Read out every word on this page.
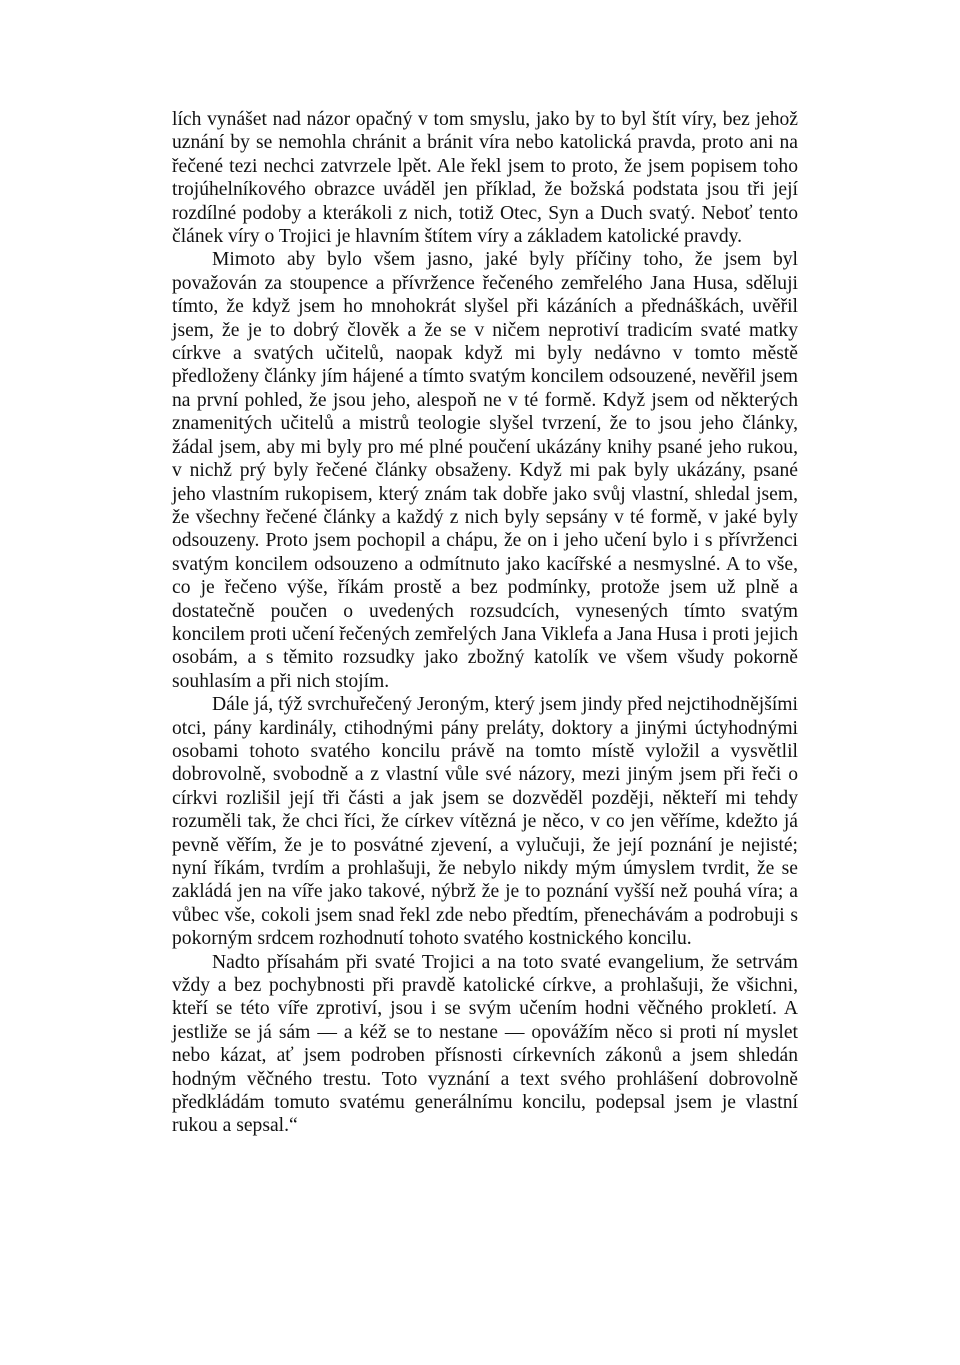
lích vynášet nad názor opačný v tom smyslu, jako by to byl štít víry, bez jehož uznání by se nemohla chránit a bránit víra nebo katolická pravda, proto ani na řečené tezi nechci zatvrzele lpět. Ale řekl jsem to proto, že jsem popisem toho trojúhelníkového obrazce uváděl jen příklad, že božská podstata jsou tři její rozdílné podoby a kterákoli z nich, totiž Otec, Syn a Duch svatý. Neboť tento článek víry o Trojici je hlavním štítem víry a základem katolické pravdy.

Mimoto aby bylo všem jasno, jaké byly příčiny toho, že jsem byl považován za stoupence a přívržence řečeného zemřelého Jana Husa, sděluji tímto, že když jsem ho mnohokrát slyšel při kázáních a přednáškách, uvěřil jsem, že je to dobrý člověk a že se v ničem neprotiví tradicím svaté matky církve a svatých učitelů, naopak když mi byly nedávno v tomto městě předloženy články jím hájené a tímto svatým koncilem odsouzené, nevěřil jsem na první pohled, že jsou jeho, alespoň ne v té formě. Když jsem od některých znamenitých učitelů a mistrů teologie slyšel tvrzení, že to jsou jeho články, žádal jsem, aby mi byly pro mé plné poučení ukázány knihy psané jeho rukou, v nichž prý byly řečené články obsaženy. Když mi pak byly ukázány, psané jeho vlastním rukopisem, který znám tak dobře jako svůj vlastní, shledal jsem, že všechny řečené články a každý z nich byly sepsány v té formě, v jaké byly odsouzeny. Proto jsem pochopil a chápu, že on i jeho učení bylo i s přívrženci svatým koncilem odsouzeno a odmítnuto jako kacířské a nesmyslné. A to vše, co je řečeno výše, říkám prostě a bez podmínky, protože jsem už plně a dostatečně poučen o uvedených rozsudcích, vynesených tímto svatým koncilem proti učení řečených zemřelých Jana Viklefa a Jana Husa i proti jejich osobám, a s těmito rozsudky jako zbožný katolík ve všem všudy pokorně souhlasím a při nich stojím.

Dále já, týž svrchuřečený Jeroným, který jsem jindy před nejctihodnějšími otci, pány kardinály, ctihodnými pány preláty, doktory a jinými úctyhodnými osobami tohoto svatého koncilu právě na tomto místě vyložil a vysvětlil dobrovolně, svobodně a z vlastní vůle své názory, mezi jiným jsem při řeči o církvi rozlišil její tři části a jak jsem se dozvěděl později, někteří mi tehdy rozuměli tak, že chci říci, že církev vítězná je něco, v co jen věříme, kdežto já pevně věřím, že je to posvátné zjevení, a vylučuji, že její poznání je nejisté; nyní říkám, tvrdím a prohlašuji, že nebylo nikdy mým úmyslem tvrdit, že se zakládá jen na víře jako takové, nýbrž že je to poznání vyšší než pouhá víra; a vůbec vše, cokoli jsem snad řekl zde nebo předtím, přenechávám a podrobuji s pokorným srdcem rozhodnutí tohoto svatého kostnického koncilu.

Nadto přísahám při svaté Trojici a na toto svaté evangelium, že setrvám vždy a bez pochybnosti při pravdě katolické církve, a prohlašuji, že všichni, kteří se této víře zprotiví, jsou i se svým učením hodni věčného prokletí. A jestliže se já sám — a kéž se to nestane — opovážím něco si proti ní myslet nebo kázat, ať jsem podroben přísnosti církevních zákonů a jsem shledán hodným věčného trestu. Toto vyznání a text svého prohlášení dobrovolně předkládám tomuto svatému generálnímu koncilu, podepsal jsem je vlastní rukou a sepsal.“
